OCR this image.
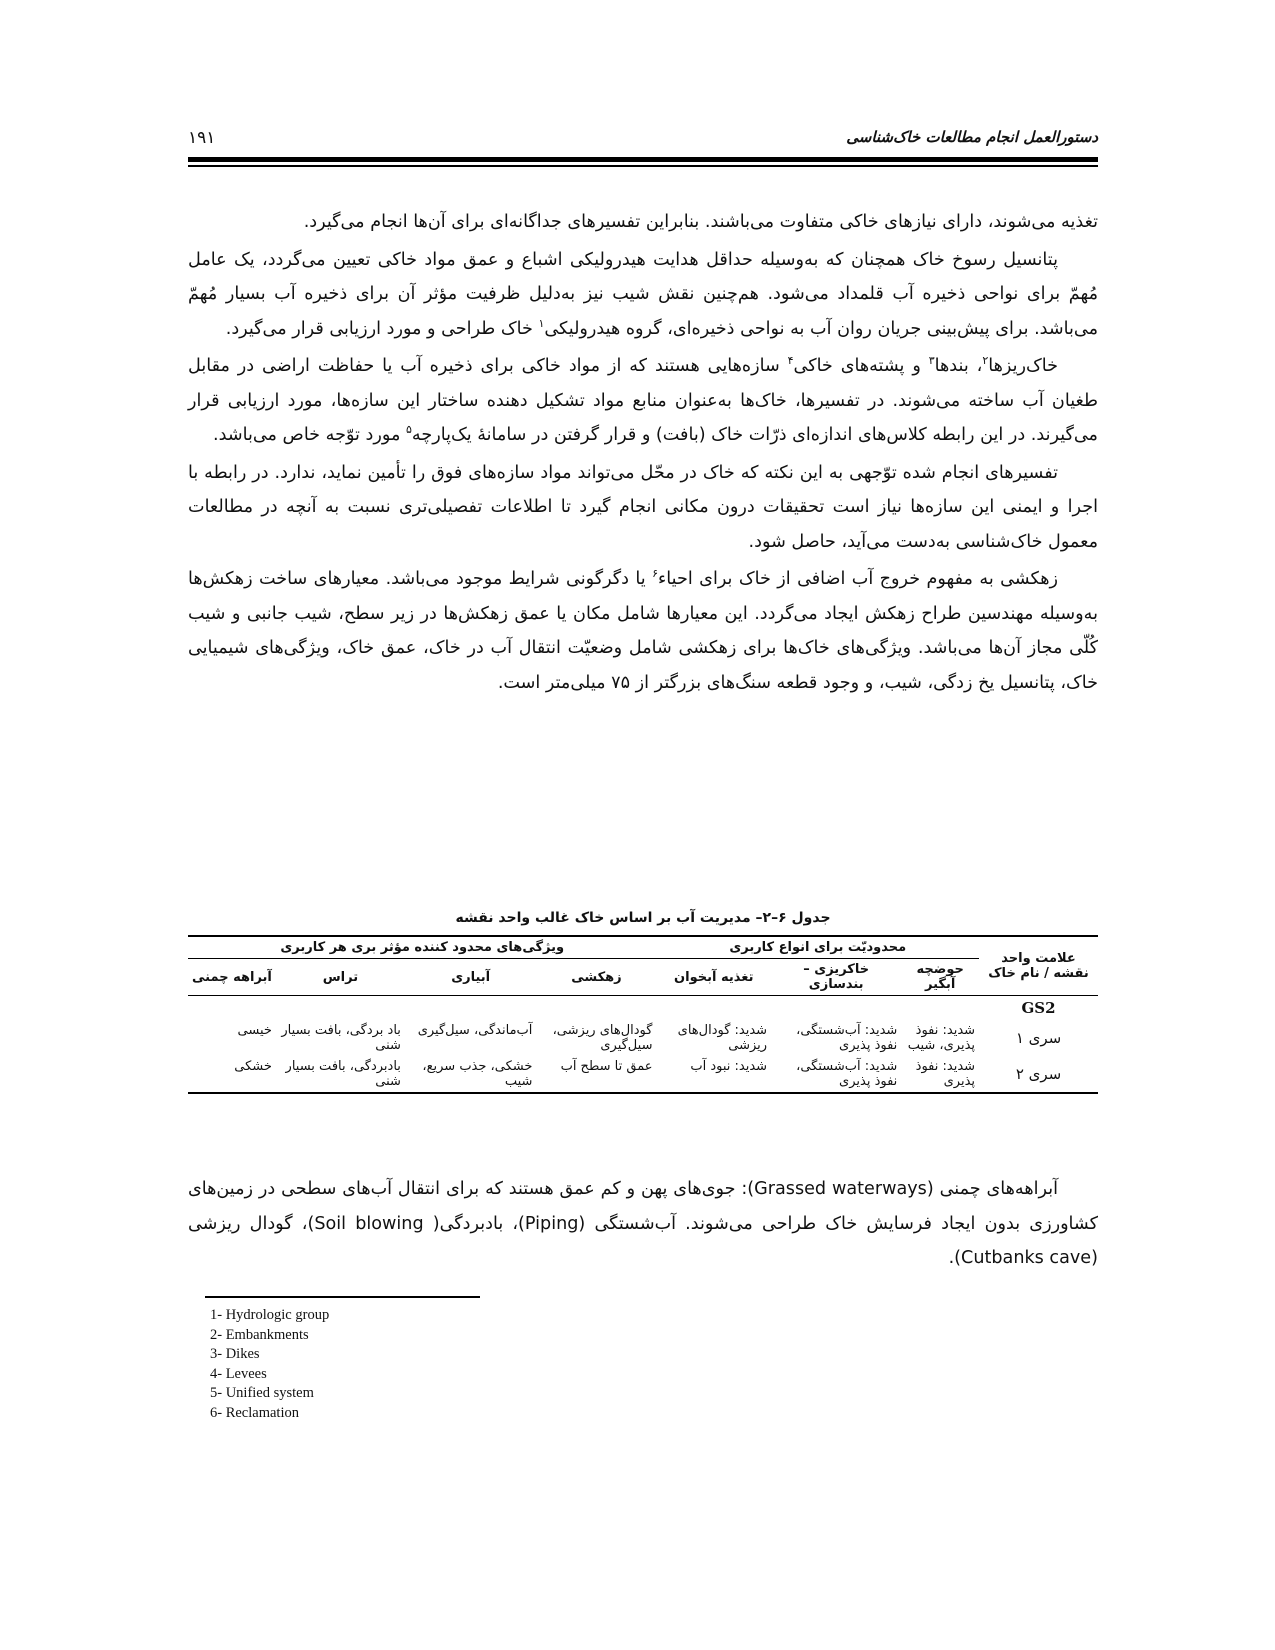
۱۹۱	دستورالعمل انجام مطالعات خاک‌شناسی

تغذیه می‌شوند، دارای نیازهای خاکی متفاوت می‌باشند. بنابراین تفسیرهای جداگانه‌ای برای آن‌ها انجام می‌گیرد.

پتانسیل رسوخ خاک همچنان که به‌وسیله حداقل هدایت هیدرولیکی اشباع و عمق مواد خاکی تعیین می‌گردد، یک عامل مُهمّ برای نواحی ذخیره آب قلمداد می‌شود. هم‌چنین نقش شیب نیز به‌دلیل ظرفیت مؤثر آن برای ذخیره آب بسیار مُهمّ می‌باشد. برای پیش‌بینی جریان روان آب به نواحی ذخیره‌ای، گروه هیدرولیکی$^۱$ خاک طراحی و مورد ارزیابی قرار می‌گیرد.

خاک‌ریزها$^۲$، بندها$^۳$ و پشته‌های خاکی$^۴$ سازه‌هایی هستند که از مواد خاکی برای ذخیره آب یا حفاظت اراضی در مقابل طغیان آب ساخته می‌شوند. در تفسیرها، خاک‌ها به‌عنوان منابع مواد تشکیل دهنده ساختار این سازه‌ها، مورد ارزیابی قرار می‌گیرند. در این رابطه کلاس‌های اندازه‌ای ذرّات خاک (بافت) و قرار گرفتن در سامانهٔ یک‌پارچه$^۵$ مورد توّجه خاص می‌باشد.

تفسیرهای انجام شده توّجهی به این نکته که خاک در محّل می‌تواند مواد سازه‌های فوق را تأمین نماید، ندارد. در رابطه با اجرا و ایمنی این سازه‌ها نیاز است تحقیقات درون مکانی انجام گیرد تا اطلاعات تفصیلی‌تری نسبت به آنچه در مطالعات معمول خاک‌شناسی به‌دست می‌آید، حاصل شود.

زهکشی به مفهوم خروج آب اضافی از خاک برای احیاء$^۶$ یا دگرگونی شرایط موجود می‌باشد. معیارهای ساخت زهکش‌ها به‌وسیله مهندسین طراح زهکش ایجاد می‌گردد. این معیارها شامل مکان یا عمق زهکش‌ها در زیر سطح، شیب جانبی و شیب کُلّی مجاز آن‌ها می‌باشد. ویژگی‌های خاک‌ها برای زهکشی شامل وضعیّت انتقال آب در خاک، عمق خاک، ویژگی‌های شیمیایی خاک، پتانسیل یخ زدگی، شیب، و وجود قطعه سنگ‌های بزرگتر از ۷۵ میلی‌متر است.

جدول ۶–۲– مدیریت آب بر اساس خاک غالب واحد نقشه
علامت واحد نقشه / نام خاک	محدودیّت برای انواع کاربری			ویژگی‌های محدود کننده مؤثر بر‌ی هر کاربری			
	حوضچه آبگیر	خاکریزی – بندسازی	تغذیه آبخوان	زهکشی	آبیاری	تراس	آبراهه چمنی
GS2							
سری ۱	شدید: نفوذ پذیری، شیب	شدید: آب‌شستگی، نفوذ پذیری	شدید: گودال‌های ریزشی	گودال‌های ریزشی، سیل‌گیری	آب‌ماندگی، سیل‌گیری	باد بردگی، بافت بسیار شنی	خیسی
سری ۲	شدید: نفوذ پذیری	شدید: آب‌شستگی، نفوذ پذیری	شدید: نبود آب	عمق تا سطح آب	خشکی، جذب سریع، شیب	بادبردگی، بافت بسیار شنی	خشکی

آبراهه‌های چمنی (Grassed waterways): جوی‌های پهن و کم عمق هستند که برای انتقال آب‌های سطحی در زمین‌های کشاورزی بدون ایجاد فرسایش خاک طراحی می‌شوند. آب‌شستگی (Piping)، بادبردگی( Soil blowing)، گودال ریزشی (Cutbanks cave).

1- Hydrologic group
2- Embankments
3- Dikes
4- Levees
5- Unified system
6- Reclamation
